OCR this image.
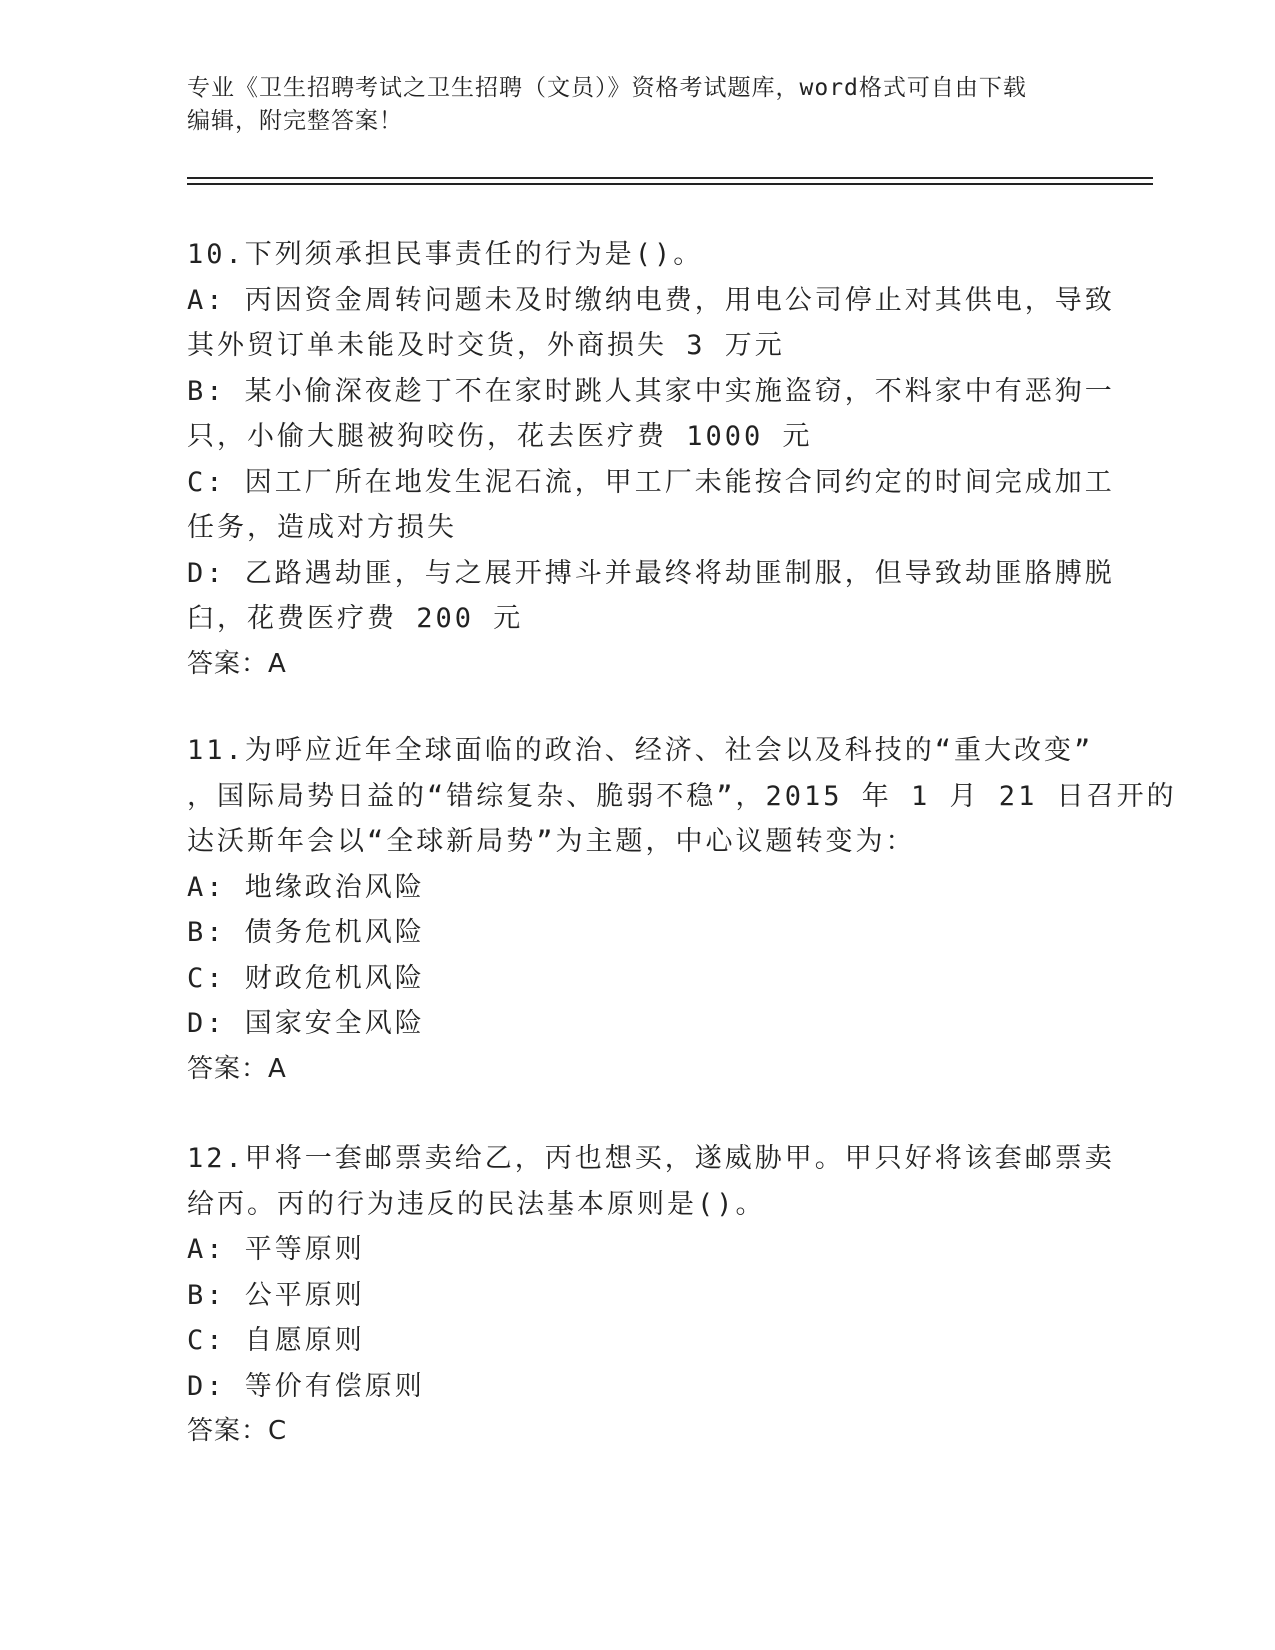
专业《卫生招聘考试之卫生招聘（文员）》资格考试题库，word格式可自由下载
编辑，附完整答案！
10.下列须承担民事责任的行为是()。
A: 丙因资金周转问题未及时缴纳电费，用电公司停止对其供电，导致
其外贸订单未能及时交货，外商损失 3 万元
B: 某小偷深夜趁丁不在家时跳人其家中实施盗窃，不料家中有恶狗一
只，小偷大腿被狗咬伤，花去医疗费 1000 元
C: 因工厂所在地发生泥石流，甲工厂未能按合同约定的时间完成加工
任务，造成对方损失
D: 乙路遇劫匪，与之展开搏斗并最终将劫匪制服，但导致劫匪胳膊脱
臼，花费医疗费 200 元
答案：A
11.为呼应近年全球面临的政治、经济、社会以及科技的“重大改变”
，国际局势日益的“错综复杂、脆弱不稳”，2015 年 1 月 21 日召开的
达沃斯年会以“全球新局势”为主题，中心议题转变为：
A: 地缘政治风险
B: 债务危机风险
C: 财政危机风险
D: 国家安全风险
答案：A
12.甲将一套邮票卖给乙，丙也想买，遂威胁甲。甲只好将该套邮票卖
给丙。丙的行为违反的民法基本原则是()。
A: 平等原则
B: 公平原则
C: 自愿原则
D: 等价有偿原则
答案：C
